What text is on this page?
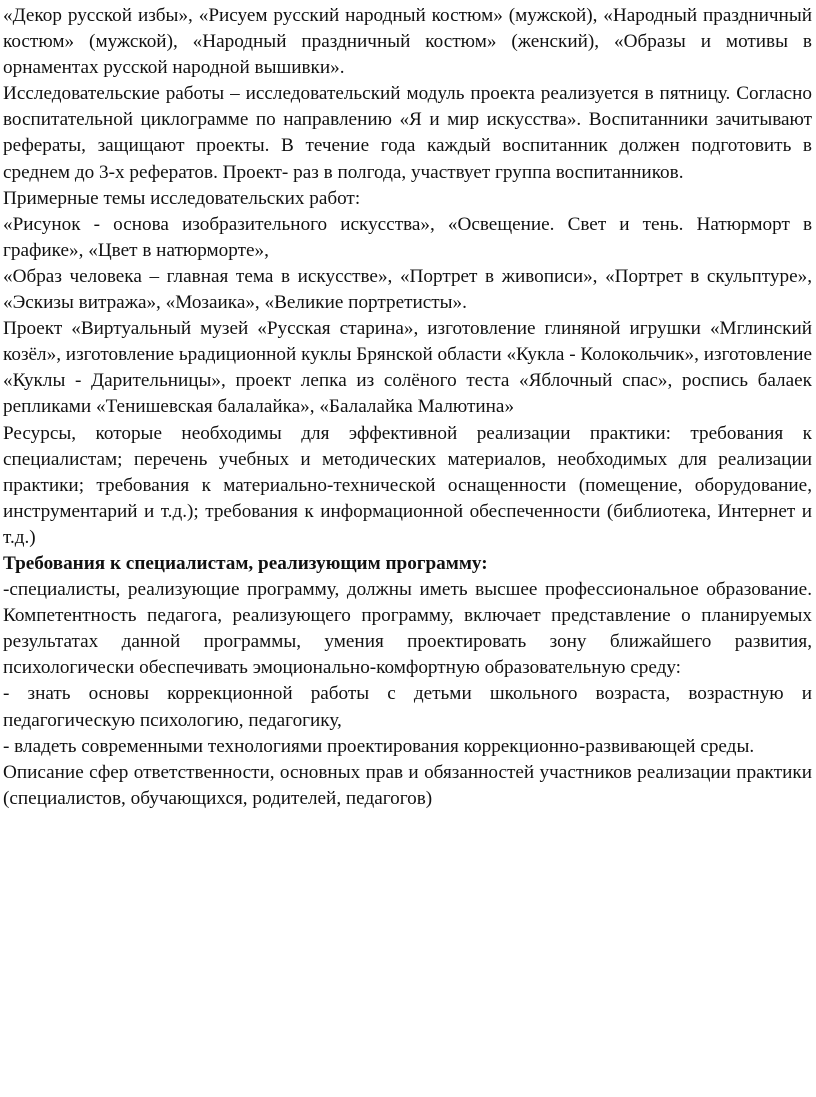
«Декор русской избы», «Рисуем русский народный костюм» (мужской), «Народный праздничный костюм» (мужской), «Народный праздничный костюм» (женский), «Образы и мотивы в орнаментах русской народной вышивки».

Исследовательские работы – исследовательский модуль проекта реализуется в пятницу. Согласно воспитательной циклограмме по направлению «Я и мир искусства». Воспитанники зачитывают рефераты, защищают проекты. В течение года каждый воспитанник должен подготовить в среднем до 3-х рефератов. Проект- раз в полгода, участвует группа воспитанников.

Примерные темы исследовательских работ:

«Рисунок - основа изобразительного искусства», «Освещение. Свет и тень. Натюрморт в графике», «Цвет в натюрморте»,

«Образ человека – главная тема в искусстве», «Портрет в живописи», «Портрет в скульптуре», «Эскизы витража», «Мозаика», «Великие портретисты».

Проект «Виртуальный музей «Русская старина», изготовление глиняной игрушки «Мглинский козёл», изготовление ьрадиционной куклы Брянской области «Кукла - Колокольчик», изготовление «Куклы - Дарительницы», проект лепка из солёного теста «Яблочный спас», роспись балаек репликами «Тенишевская балалайка», «Балалайка Малютина»

Ресурсы, которые необходимы для эффективной реализации практики: требования к специалистам; перечень учебных и методических материалов, необходимых для реализации практики; требования к материально-технической оснащенности (помещение, оборудование, инструментарий и т.д.); требования к информационной обеспеченности (библиотека, Интернет и т.д.)

Требования к специалистам, реализующим программу:

-специалисты, реализующие программу, должны иметь высшее профессиональное образование. Компетентность педагога, реализующего программу, включает представление о планируемых результатах данной программы, умения проектировать зону ближайшего развития, психологически обеспечивать эмоционально-комфортную образовательную среду:

- знать основы коррекционной работы с детьми школьного возраста, возрастную и педагогическую психологию, педагогику,

- владеть современными технологиями проектирования коррекционно-развивающей среды.

Описание сфер ответственности, основных прав и обязанностей участников реализации практики (специалистов, обучающихся, родителей, педагогов)
